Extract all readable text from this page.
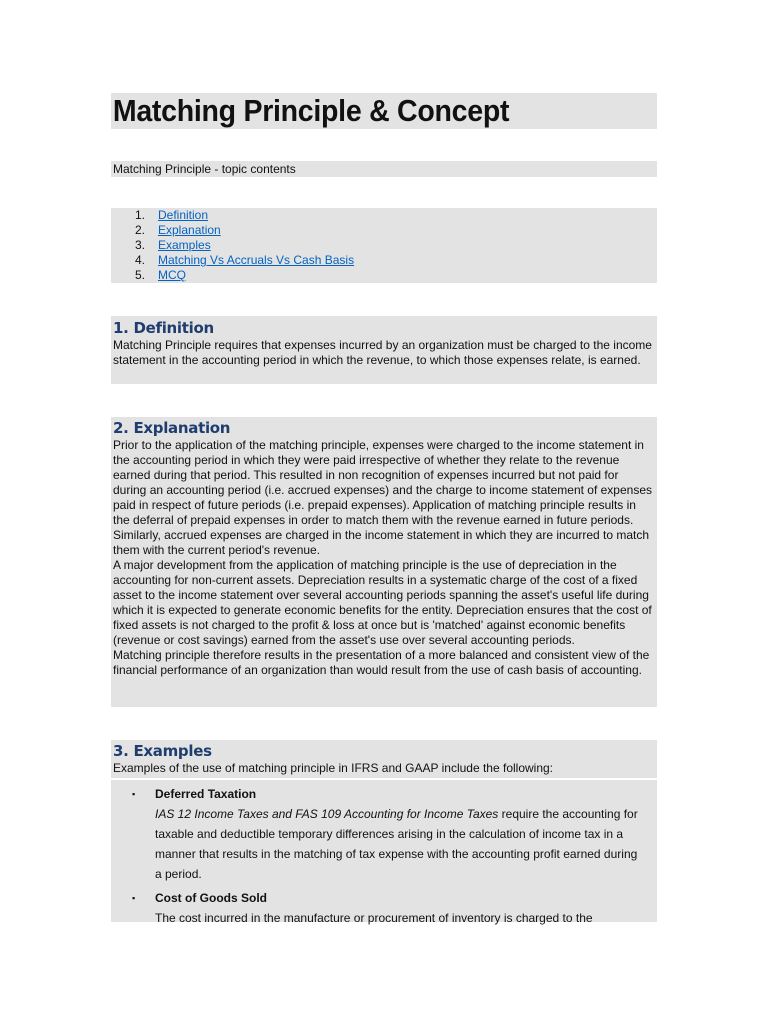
Matching Principle & Concept
Matching Principle - topic contents
1.	Definition
2.	Explanation
3.	Examples
4.	Matching Vs Accruals Vs Cash Basis
5.	MCQ
1. Definition
Matching Principle requires that expenses incurred by an organization must be charged to the income statement in the accounting period in which the revenue, to which those expenses relate, is earned.
2. Explanation
Prior to the application of the matching principle, expenses were charged to the income statement in the accounting period in which they were paid irrespective of whether they relate to the revenue earned during that period. This resulted in non recognition of expenses incurred but not paid for during an accounting period (i.e. accrued expenses) and the charge to income statement of expenses paid in respect of future periods (i.e. prepaid expenses). Application of matching principle results in the deferral of prepaid expenses in order to match them with the revenue earned in future periods. Similarly, accrued expenses are charged in the income statement in which they are incurred to match them with the current period's revenue.
A major development from the application of matching principle is the use of depreciation in the accounting for non-current assets. Depreciation results in a systematic charge of the cost of a fixed asset to the income statement over several accounting periods spanning the asset's useful life during which it is expected to generate economic benefits for the entity. Depreciation ensures that the cost of fixed assets is not charged to the profit & loss at once but is 'matched' against economic benefits (revenue or cost savings) earned from the asset's use over several accounting periods.
Matching principle therefore results in the presentation of a more balanced and consistent view of the financial performance of an organization than would result from the use of cash basis of accounting.
3. Examples
Examples of the use of matching principle in IFRS and GAAP include the following:
▪ Deferred Taxation
IAS 12 Income Taxes and FAS 109 Accounting for Income Taxes require the accounting for taxable and deductible temporary differences arising in the calculation of income tax in a manner that results in the matching of tax expense with the accounting profit earned during a period.
▪ Cost of Goods Sold
The cost incurred in the manufacture or procurement of inventory is charged to the
